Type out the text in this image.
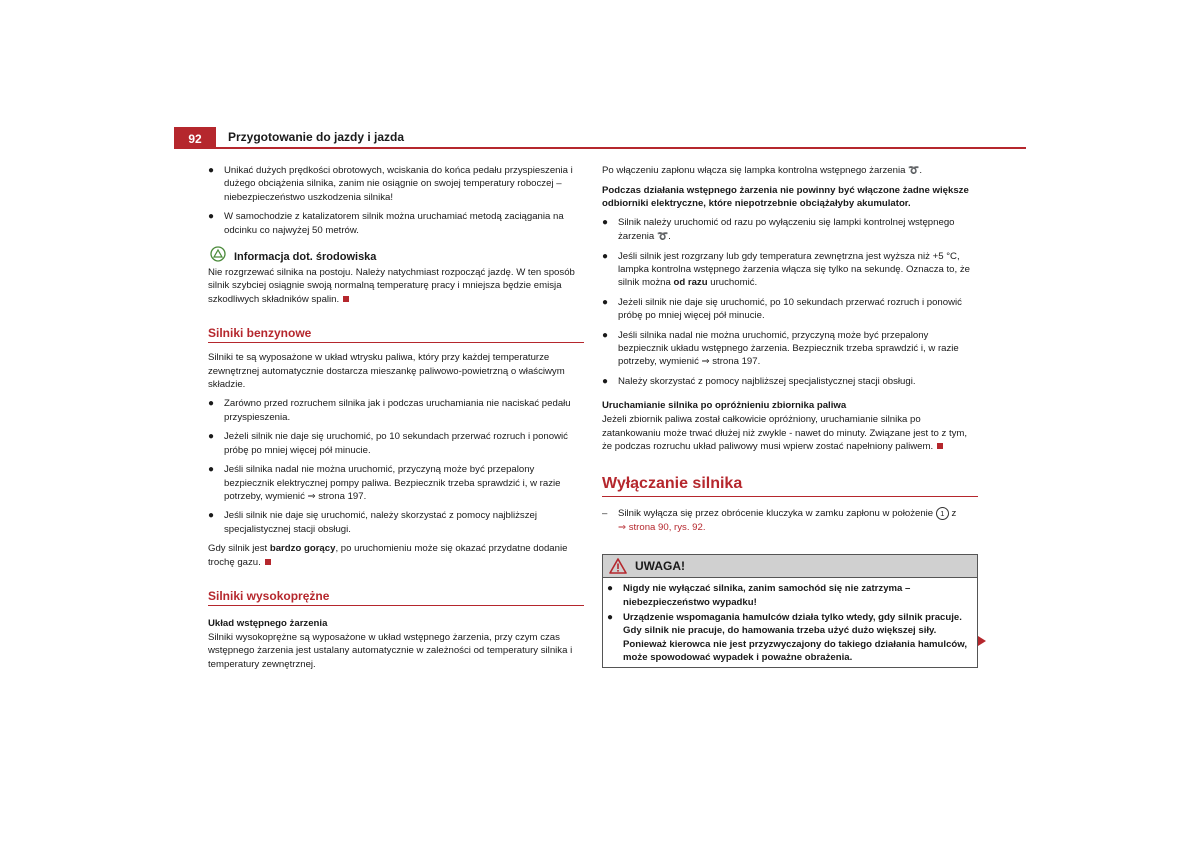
92	Przygotowanie do jazdy i jazda

● Unikać dużych prędkości obrotowych, wciskania do końca pedału przyspieszenia i dużego obciążenia silnika, zanim nie osiągnie on swojej temperatury roboczej – niebezpieczeństwo uszkodzenia silnika!

● W samochodzie z katalizatorem silnik można uruchamiać metodą zaciągania na odcinku co najwyżej 50 metrów.

Informacja dot. środowiska

Nie rozgrzewać silnika na postoju. Należy natychmiast rozpocząć jazdę. W ten sposób silnik szybciej osiągnie swoją normalną temperaturę pracy i mniejsza będzie emisja szkodliwych składników spalin.

Silniki benzynowe

Silniki te są wyposażone w układ wtrysku paliwa, który przy każdej temperaturze zewnętrznej automatycznie dostarcza mieszankę paliwowo-powietrzną o właściwym składzie.

● Zarówno przed rozruchem silnika jak i podczas uruchamiania nie naciskać pedału przyspieszenia.

● Jeżeli silnik nie daje się uruchomić, po 10 sekundach przerwać rozruch i ponowić próbę po mniej więcej pół minucie.

● Jeśli silnika nadal nie można uruchomić, przyczyną może być przepalony bezpiecznik elektrycznej pompy paliwa. Bezpiecznik trzeba sprawdzić i, w razie potrzeby, wymienić ⇒ strona 197.

● Jeśli silnik nie daje się uruchomić, należy skorzystać z pomocy najbliższej specjalistycznej stacji obsługi.

Gdy silnik jest bardzo gorący, po uruchomieniu może się okazać przydatne dodanie trochę gazu.

Silniki wysokoprężne
Układ wstępnego żarzenia

Silniki wysokoprężne są wyposażone w układ wstępnego żarzenia, przy czym czas wstępnego żarzenia jest ustalany automatycznie w zależności od temperatury silnika i temperatury zewnętrznej.

Po włączeniu zapłonu włącza się lampka kontrolna wstępnego żarzenia ➰.

Podczas działania wstępnego żarzenia nie powinny być włączone żadne większe odbiorniki elektryczne, które niepotrzebnie obciążałyby akumulator.

● Silnik należy uruchomić od razu po wyłączeniu się lampki kontrolnej wstępnego żarzenia ➰.

● Jeśli silnik jest rozgrzany lub gdy temperatura zewnętrzna jest wyższa niż +5 °C, lampka kontrolna wstępnego żarzenia włącza się tylko na sekundę. Oznacza to, że silnik można od razu uruchomić.

● Jeżeli silnik nie daje się uruchomić, po 10 sekundach przerwać rozruch i ponowić próbę po mniej więcej pół minucie.

● Jeśli silnika nadal nie można uruchomić, przyczyną może być przepalony bezpiecznik układu wstępnego żarzenia. Bezpiecznik trzeba sprawdzić i, w razie potrzeby, wymienić ⇒ strona 197.

● Należy skorzystać z pomocy najbliższej specjalistycznej stacji obsługi.

Uruchamianie silnika po opróżnieniu zbiornika paliwa

Jeżeli zbiornik paliwa został całkowicie opróżniony, uruchamianie silnika po zatankowaniu może trwać dłużej niż zwykle - nawet do minuty. Związane jest to z tym, że podczas rozruchu układ paliwowy musi wpierw zostać napełniony paliwem.

Wyłączanie silnika

– Silnik wyłącza się przez obrócenie kluczyka w zamku zapłonu w położenie 1 z
⇒ strona 90, rys. 92.

UWAGA!

● Nigdy nie wyłączać silnika, zanim samochód się nie zatrzyma – niebezpieczeństwo wypadku!

● Urządzenie wspomagania hamulców działa tylko wtedy, gdy silnik pracuje. Gdy silnik nie pracuje, do hamowania trzeba użyć dużo większej siły. Ponieważ kierowca nie jest przyzwyczajony do takiego działania hamulców, może spowodować wypadek i poważne obrażenia.
